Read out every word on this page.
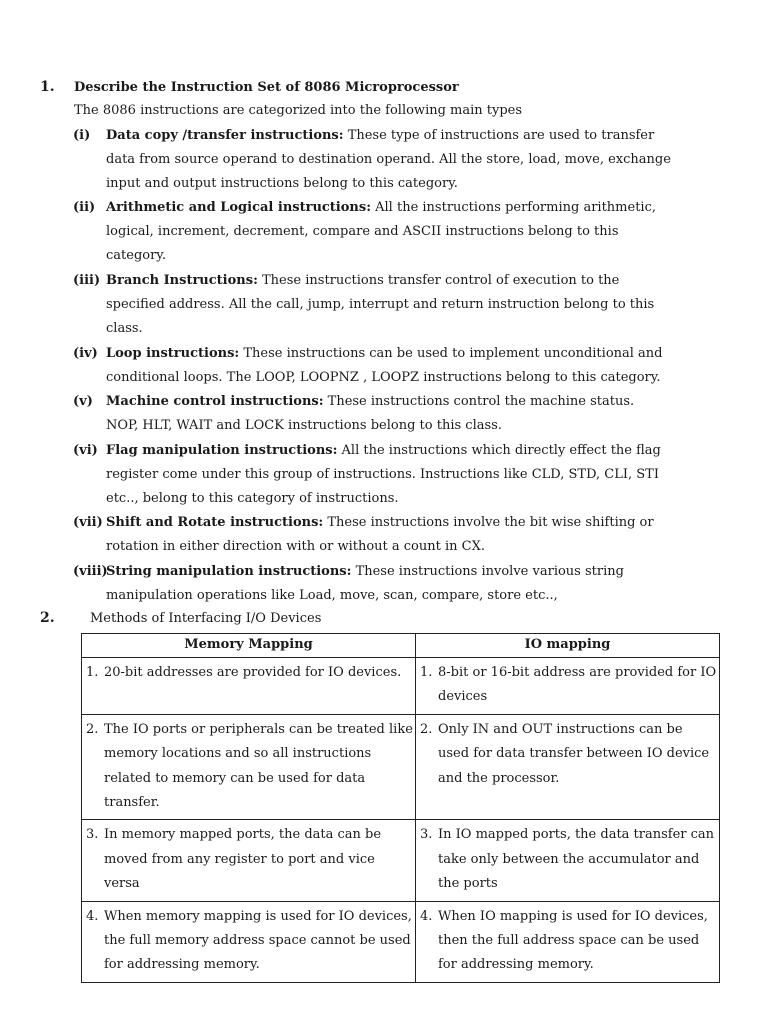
1. Describe the Instruction Set of 8086 Microprocessor
The 8086 instructions are categorized into the following main types
(i) Data copy /transfer instructions: These type of instructions are used to transfer
data from source operand to destination operand. All the store, load, move, exchange
input and output instructions belong to this category.
(ii) Arithmetic and Logical instructions: All the instructions performing arithmetic,
logical, increment, decrement, compare and ASCII instructions belong to this
category.
(iii) Branch Instructions: These instructions transfer control of execution to the
specified address. All the call, jump, interrupt and return instruction belong to this
class.
(iv) Loop instructions: These instructions can be used to implement unconditional and
conditional loops. The LOOP, LOOPNZ , LOOPZ instructions belong to this category.
(v) Machine control instructions: These instructions control the machine status.
NOP, HLT, WAIT and LOCK instructions belong to this class.
(vi) Flag manipulation instructions: All the instructions which directly effect the flag
register come under this group of instructions. Instructions like CLD, STD, CLI, STI
etc.., belong to this category of instructions.
(vii) Shift and Rotate instructions: These instructions involve the bit wise shifting or
rotation in either direction with or without a count in CX.
(viii)
String manipulation instructions: These instructions involve various string
manipulation operations like Load, move, scan, compare, store etc..,
2.	Methods of Interfacing I/O Devices
Memory Mapping	IO mapping

1. 20-bit addresses are provided for IO devices.	1. 8-bit or 16-bit address are provided for IO devices

2. The IO ports or peripherals can be treated like memory locations and so all instructions related to memory can be used for data transfer.	2. Only IN and OUT instructions can be used for data transfer between IO device and the processor.

3. In memory mapped ports, the data can be moved from any register to port and vice versa	3. In IO mapped ports, the data transfer can take only between the accumulator and the ports

4. When memory mapping is used for IO devices, the full memory address space cannot be used for addressing memory.	4. When IO mapping is used for IO devices, then the full address space can be used for addressing memory.
